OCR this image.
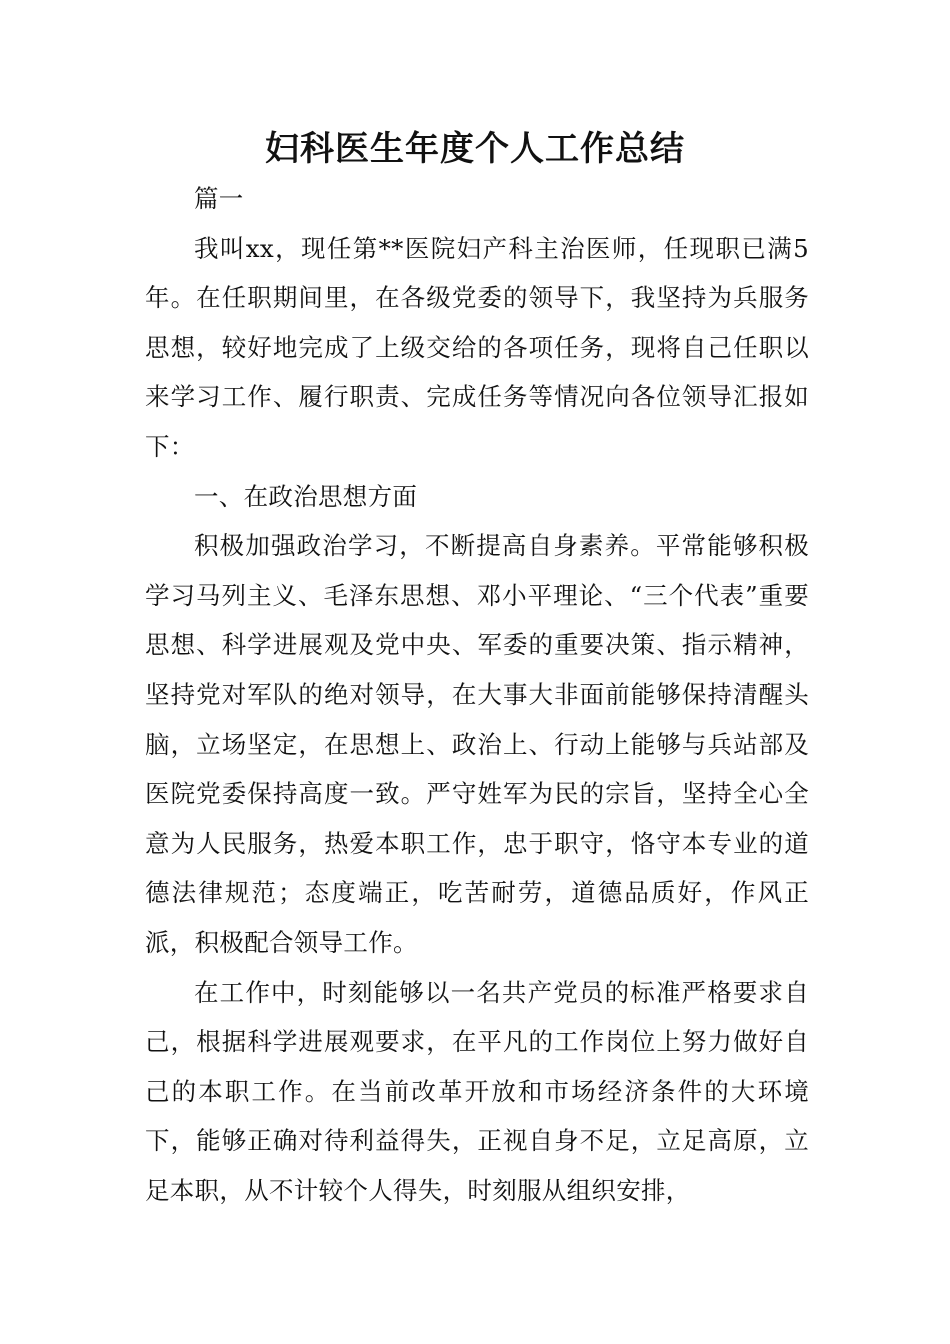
妇科医生年度个人工作总结

篇一

我叫xx，现任第**医院妇产科主治医师，任现职已满5年。在任职期间里，在各级党委的领导下，我坚持为兵服务思想，较好地完成了上级交给的各项任务，现将自己任职以来学习工作、履行职责、完成任务等情况向各位领导汇报如下：

一、在政治思想方面

积极加强政治学习，不断提高自身素养。平常能够积极学习马列主义、毛泽东思想、邓小平理论、“三个代表”重要思想、科学进展观及党中央、军委的重要决策、指示精神，坚持党对军队的绝对领导，在大事大非面前能够保持清醒头脑，立场坚定，在思想上、政治上、行动上能够与兵站部及医院党委保持高度一致。严守姓军为民的宗旨，坚持全心全意为人民服务，热爱本职工作，忠于职守，恪守本专业的道德法律规范；态度端正，吃苦耐劳，道德品质好，作风正派，积极配合领导工作。

在工作中，时刻能够以一名共产党员的标准严格要求自己，根据科学进展观要求，在平凡的工作岗位上努力做好自己的本职工作。在当前改革开放和市场经济条件的大环境下，能够正确对待利益得失，正视自身不足，立足高原，立足本职，从不计较个人得失，时刻服从组织安排，
